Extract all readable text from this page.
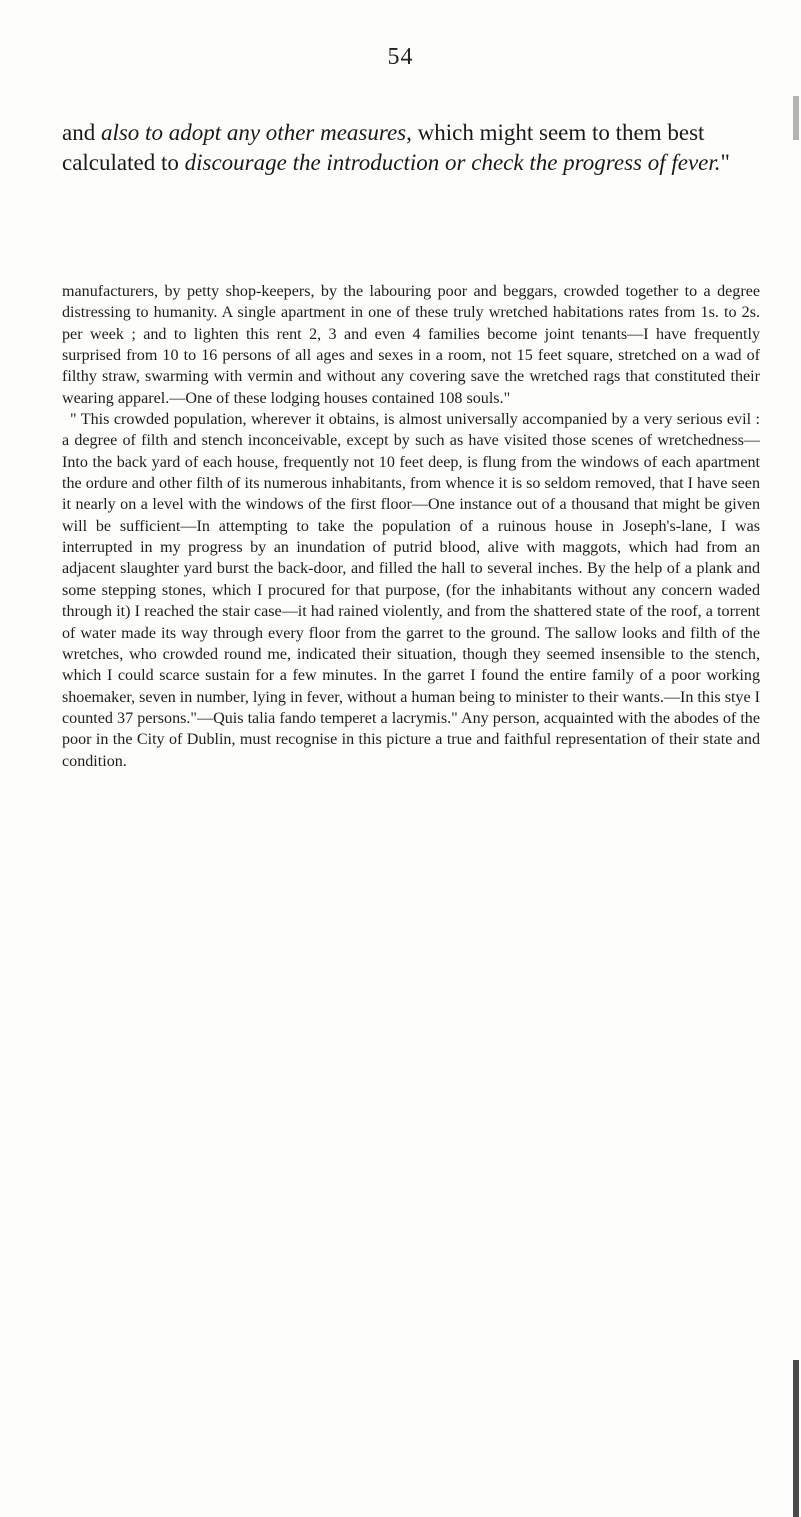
54

and also to adopt any other measures, which might seem to them best calculated to discourage the introduction or check the progress of fever."

manufacturers, by petty shop-keepers, by the labouring poor and beggars, crowded together to a degree distressing to humanity. A single apartment in one of these truly wretched habitations rates from 1s. to 2s. per week ; and to lighten this rent 2, 3 and even 4 families become joint tenants—I have frequently surprised from 10 to 16 persons of all ages and sexes in a room, not 15 feet square, stretched on a wad of filthy straw, swarming with vermin and without any covering save the wretched rags that constituted their wearing apparel.—One of these lodging houses contained 108 souls."

" This crowded population, wherever it obtains, is almost universally accompanied by a very serious evil : a degree of filth and stench inconceivable, except by such as have visited those scenes of wretchedness—Into the back yard of each house, frequently not 10 feet deep, is flung from the windows of each apartment the ordure and other filth of its numerous inhabitants, from whence it is so seldom removed, that I have seen it nearly on a level with the windows of the first floor—One instance out of a thousand that might be given will be sufficient—In attempting to take the population of a ruinous house in Joseph's-lane, I was interrupted in my progress by an inundation of putrid blood, alive with maggots, which had from an adjacent slaughter yard burst the back-door, and filled the hall to several inches. By the help of a plank and some stepping stones, which I procured for that purpose, (for the inhabitants without any concern waded through it) I reached the stair case—it had rained violently, and from the shattered state of the roof, a torrent of water made its way through every floor from the garret to the ground. The sallow looks and filth of the wretches, who crowded round me, indicated their situation, though they seemed insensible to the stench, which I could scarce sustain for a few minutes. In the garret I found the entire family of a poor working shoemaker, seven in number, lying in fever, without a human being to minister to their wants.—In this stye I counted 37 persons."—Quis talia fando temperet a lacrymis." Any person, acquainted with the abodes of the poor in the City of Dublin, must recognise in this picture a true and faithful representation of their state and condition.
